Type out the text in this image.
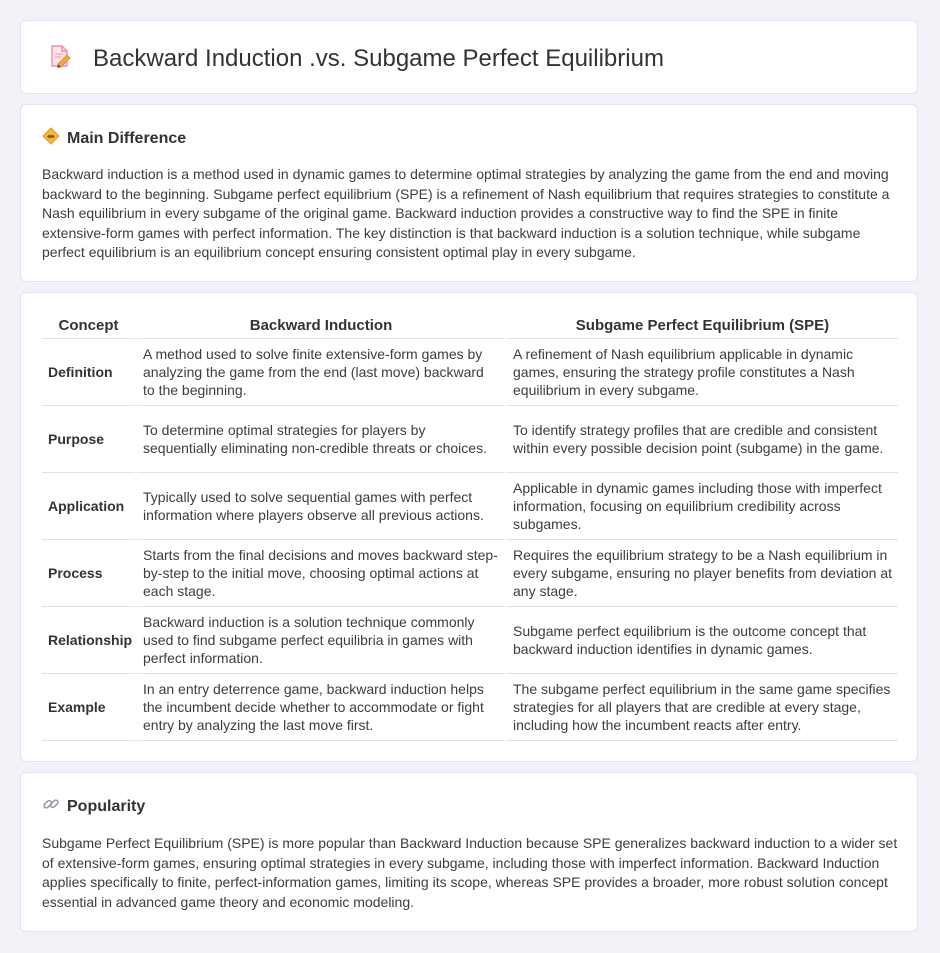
Backward Induction .vs. Subgame Perfect Equilibrium
Main Difference

Backward induction is a method used in dynamic games to determine optimal strategies by analyzing the game from the end and moving backward to the beginning. Subgame perfect equilibrium (SPE) is a refinement of Nash equilibrium that requires strategies to constitute a Nash equilibrium in every subgame of the original game. Backward induction provides a constructive way to find the SPE in finite extensive-form games with perfect information. The key distinction is that backward induction is a solution technique, while subgame perfect equilibrium is an equilibrium concept ensuring consistent optimal play in every subgame.

Concept	Backward Induction	Subgame Perfect Equilibrium (SPE)
Definition	A method used to solve finite extensive-form games by analyzing the game from the end (last move) backward to the beginning.	A refinement of Nash equilibrium applicable in dynamic games, ensuring the strategy profile constitutes a Nash equilibrium in every subgame.
Purpose	To determine optimal strategies for players by sequentially eliminating non-credible threats or choices.	To identify strategy profiles that are credible and consistent within every possible decision point (subgame) in the game.
Application	Typically used to solve sequential games with perfect information where players observe all previous actions.	Applicable in dynamic games including those with imperfect information, focusing on equilibrium credibility across subgames.
Process	Starts from the final decisions and moves backward step-by-step to the initial move, choosing optimal actions at each stage.	Requires the equilibrium strategy to be a Nash equilibrium in every subgame, ensuring no player benefits from deviation at any stage.
Relationship	Backward induction is a solution technique commonly used to find subgame perfect equilibria in games with perfect information.	Subgame perfect equilibrium is the outcome concept that backward induction identifies in dynamic games.
Example	In an entry deterrence game, backward induction helps the incumbent decide whether to accommodate or fight entry by analyzing the last move first.	The subgame perfect equilibrium in the same game specifies strategies for all players that are credible at every stage, including how the incumbent reacts after entry.
Popularity

Subgame Perfect Equilibrium (SPE) is more popular than Backward Induction because SPE generalizes backward induction to a wider set of extensive-form games, ensuring optimal strategies in every subgame, including those with imperfect information. Backward Induction applies specifically to finite, perfect-information games, limiting its scope, whereas SPE provides a broader, more robust solution concept essential in advanced game theory and economic modeling.
